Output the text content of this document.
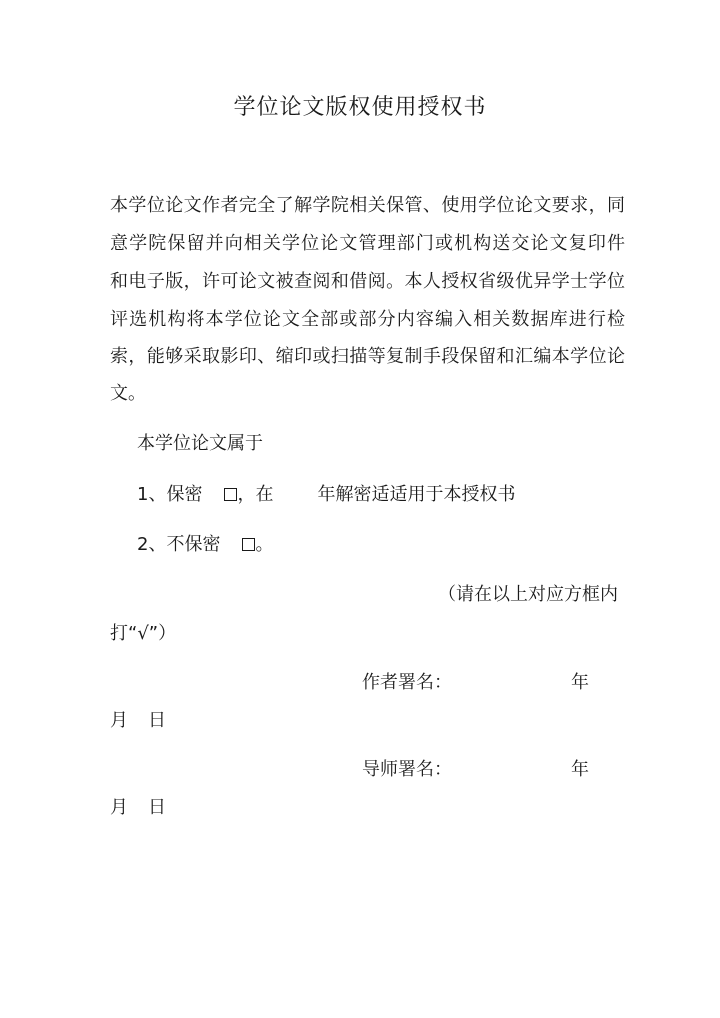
学位论文版权使用授权书

本学位论文作者完全了解学院相关保管、使用学位论文要求，同

意学院保留并向相关学位论文管理部门或机构送交论文复印件

和电子版，许可论文被查阅和借阅。本人授权省级优异学士学位

评选机构将本学位论文全部或部分内容编入相关数据库进行检

索，能够采取影印、缩印或扫描等复制手段保留和汇编本学位论

文。

本学位论文属于

1、保密 ，在 年解密适适用于本授权书
2、不保密 。

（请在以上对应方框内

打“√”）

作者署名：	年

月 日

导师署名：	年

月 日
